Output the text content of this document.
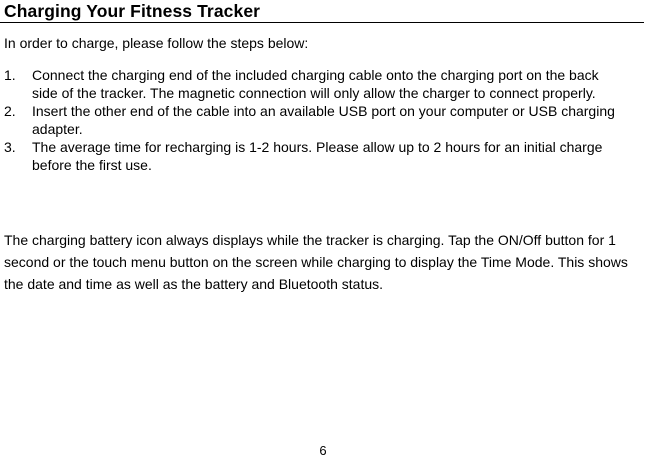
Charging Your Fitness Tracker

In order to charge, please follow the steps below:

1. Connect the charging end of the included charging cable onto the charging port on the back side of the tracker. The magnetic connection will only allow the charger to connect properly.
2. Insert the other end of the cable into an available USB port on your computer or USB charging adapter.
3. The average time for recharging is 1-2 hours. Please allow up to 2 hours for an initial charge before the first use.

The charging battery icon always displays while the tracker is charging. Tap the ON/Off button for 1 second or the touch menu button on the screen while charging to display the Time Mode. This shows the date and time as well as the battery and Bluetooth status.

6
